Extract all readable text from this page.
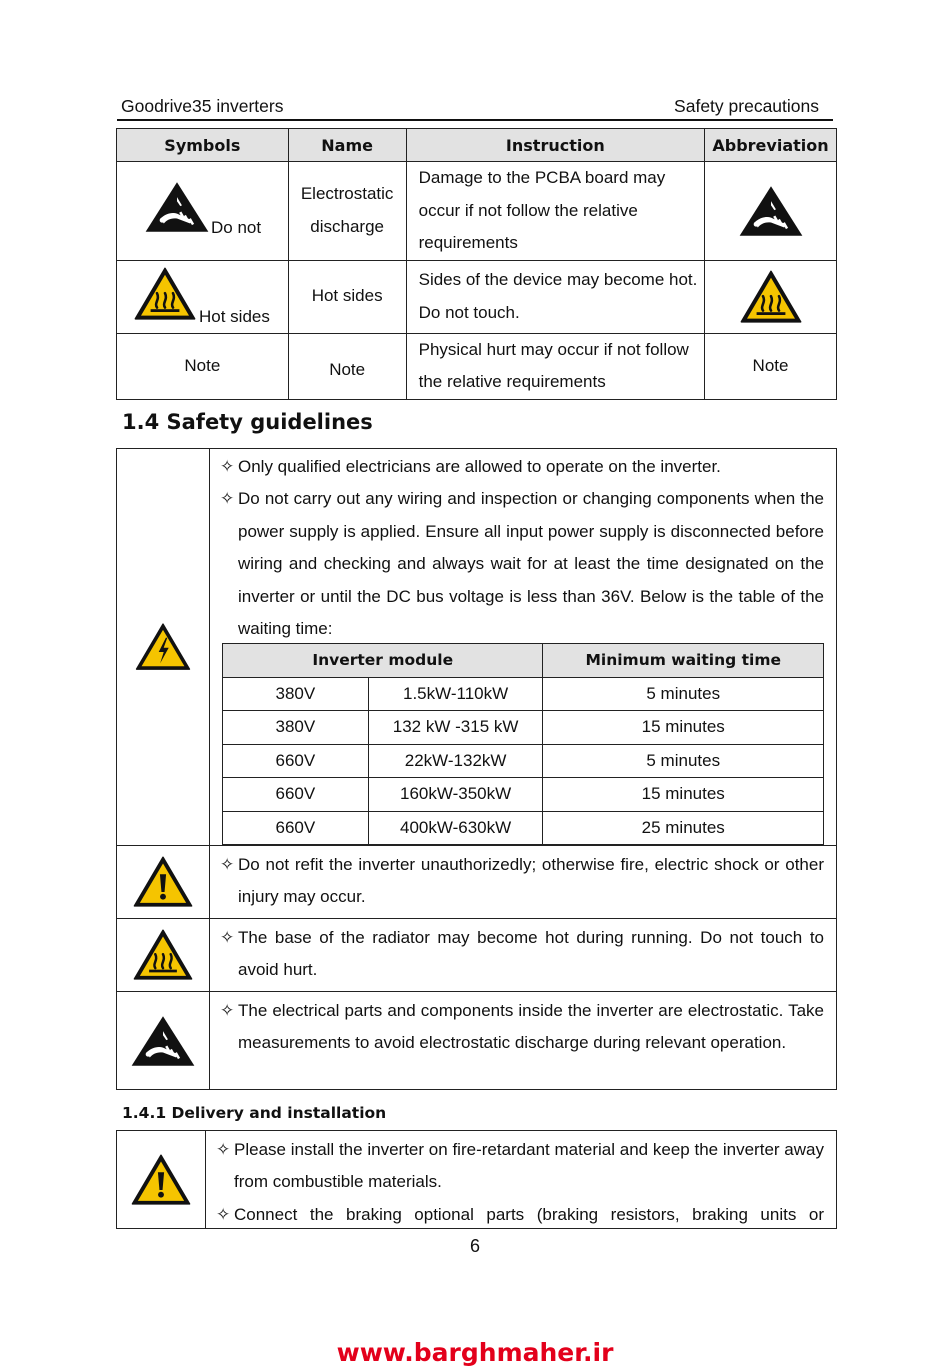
Goodrive35 inverters	Safety precautions
Symbols	Name	Instruction	Abbreviation

Do not	Electrostatic discharge	Damage to the PCBA board may occur if not follow the relative requirements	

Hot sides	Hot sides	Sides of the device may become hot. Do not touch.	

Note	Note	Physical hurt may occur if not follow the relative requirements	Note
1.4 Safety guidelines

✧ Only qualified electricians are allowed to operate on the inverter.

✧ Do not carry out any wiring and inspection or changing components when the power supply is applied. Ensure all input power supply is disconnected before wiring and checking and always wait for at least the time designated on the inverter or until the DC bus voltage is less than 36V. Below is the table of the waiting time:

✧ Do not refit the inverter unauthorizedly; otherwise fire, electric shock or other injury may occur.

✧ The base of the radiator may become hot during running. Do not touch to avoid hurt.

✧ The electrical parts and components inside the inverter are electrostatic. Take measurements to avoid electrostatic discharge during relevant operation.

Inverter module		Minimum waiting time
380V	1.5kW-110kW	5 minutes
380V	132 kW -315 kW	15 minutes
660V	22kW-132kW	5 minutes
660V	160kW-350kW	15 minutes
660V	400kW-630kW	25 minutes
1.4.1 Delivery and installation

✧ Please install the inverter on fire-retardant material and keep the inverter away from combustible materials.

✧ Connect the braking optional parts (braking resistors, braking units or

6
www.barghmaher.ir
